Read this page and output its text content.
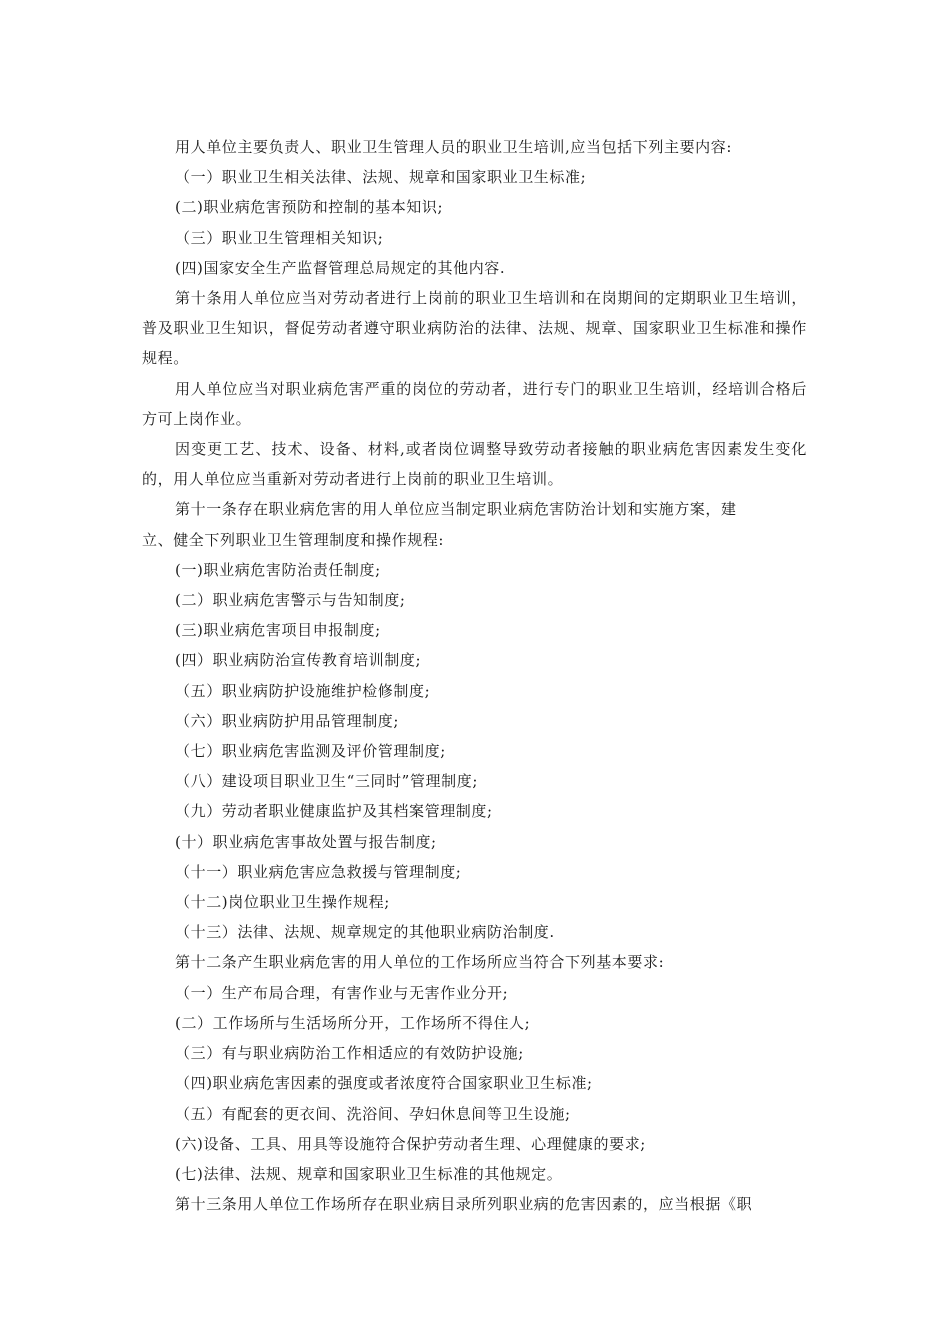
用人单位主要负责人、职业卫生管理人员的职业卫生培训,应当包括下列主要内容:

（一）职业卫生相关法律、法规、规章和国家职业卫生标准;

(二)职业病危害预防和控制的基本知识;

（三）职业卫生管理相关知识;

(四)国家安全生产监督管理总局规定的其他内容.

第十条用人单位应当对劳动者进行上岗前的职业卫生培训和在岗期间的定期职业卫生培训，普及职业卫生知识，督促劳动者遵守职业病防治的法律、法规、规章、国家职业卫生标准和操作规程。

用人单位应当对职业病危害严重的岗位的劳动者，进行专门的职业卫生培训，经培训合格后方可上岗作业。

因变更工艺、技术、设备、材料,或者岗位调整导致劳动者接触的职业病危害因素发生变化的，用人单位应当重新对劳动者进行上岗前的职业卫生培训。

第十一条存在职业病危害的用人单位应当制定职业病危害防治计划和实施方案，建

立、健全下列职业卫生管理制度和操作规程:

(一)职业病危害防治责任制度;

(二）职业病危害警示与告知制度;

(三)职业病危害项目申报制度;

(四）职业病防治宣传教育培训制度;

（五）职业病防护设施维护检修制度;

（六）职业病防护用品管理制度;

（七）职业病危害监测及评价管理制度;

（八）建设项目职业卫生“三同时”管理制度;

（九）劳动者职业健康监护及其档案管理制度;

(十）职业病危害事故处置与报告制度;

（十一）职业病危害应急救援与管理制度;

（十二)岗位职业卫生操作规程;

（十三）法律、法规、规章规定的其他职业病防治制度.

第十二条产生职业病危害的用人单位的工作场所应当符合下列基本要求:

（一）生产布局合理，有害作业与无害作业分开;

(二）工作场所与生活场所分开，工作场所不得住人;

（三）有与职业病防治工作相适应的有效防护设施;

（四)职业病危害因素的强度或者浓度符合国家职业卫生标准;

（五）有配套的更衣间、洗浴间、孕妇休息间等卫生设施;

(六)设备、工具、用具等设施符合保护劳动者生理、心理健康的要求;

(七)法律、法规、规章和国家职业卫生标准的其他规定。

第十三条用人单位工作场所存在职业病目录所列职业病的危害因素的，应当根据《职
